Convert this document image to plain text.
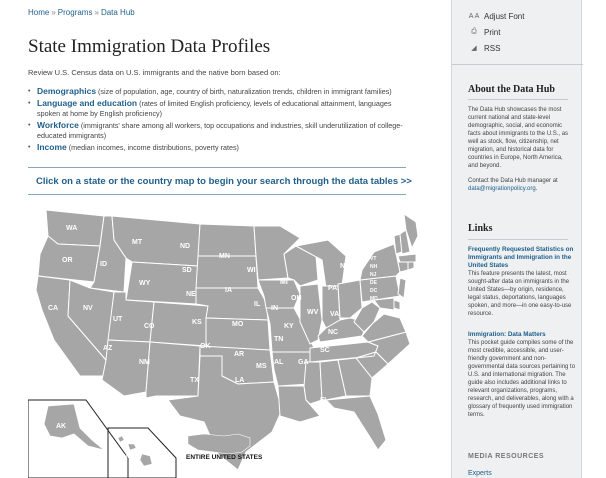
Home » Programs » Data Hub
State Immigration Data Profiles

Review U.S. Census data on U.S. immigrants and the native born based on:

• Demographics (size of population, age, country of birth, naturalization trends, children in immigrant families)
• Language and education (rates of limited English proficiency, levels of educational attainment, languages spoken at home by English proficiency)
• Workforce (immigrants' share among all workers, top occupations and industries, skill underutilization of college-educated immigrants)
• Income (median incomes, income distributions, poverty rates)
Click on a state or the country map to begin your search through the data tables >>
WA
OR
CA
ID
NV
MT
WY
UT
AZ
CO
NM
ND
SD
NE
KS
OK
TX
MN
IA
MO
AR
LA
WI
IL
MI
IN
OH
KY
TN
MS
AL GA
FL
SC
NC
VA
WV
PA
NY
ME
VT
NH
NJ
DE
DC
MD
AK
HI	ENTIRE UNITED STATES
A A Adjust Font
⎙ Print
◢ RSS
About the Data Hub

The Data Hub showcases the most current national and state-level demographic, social, and economic facts about immigrants to the U.S., as well as stock, flow, citizenship, net migration, and historical data for countries in Europe, North America, and beyond.

Contact the Data Hub manager at data@migrationpolicy.org.

Links
Frequently Requested Statistics on Immigrants and Immigration in the United States
This feature presents the latest, most sought-after data on immigrants in the United States—by origin, residence, legal status, deportations, languages spoken, and more—in one easy-to-use resource.
Immigration: Data Matters
This pocket guide compiles some of the most credible, accessible, and user-friendly government and non-governmental data sources pertaining to U.S. and international migration. The guide also includes additional links to relevant organizations, programs, research, and deliverables, along with a glossary of frequently used immigration terms.
MEDIA RESOURCES
Experts
